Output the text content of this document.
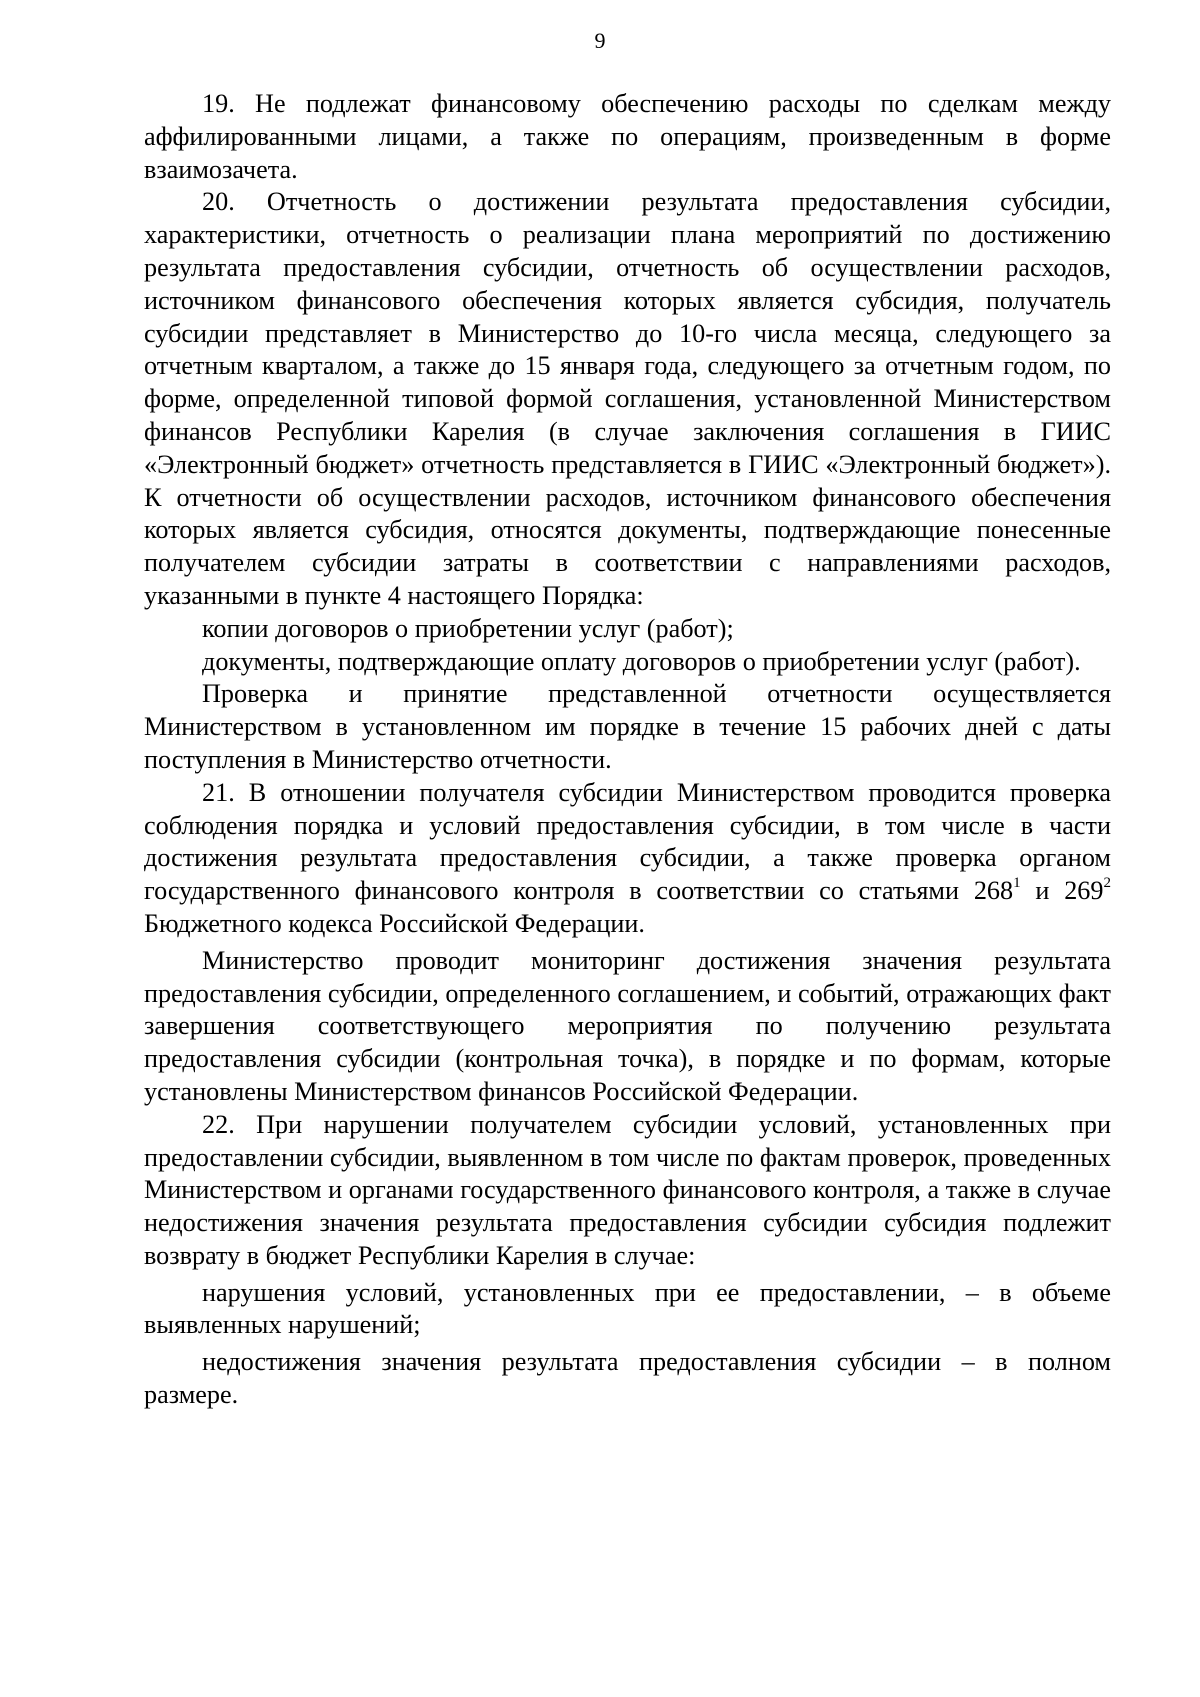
9

19. Не подлежат финансовому обеспечению расходы по сделкам между аффилированными лицами, а также по операциям, произведенным в форме взаимозачета.

20. Отчетность о достижении результата предоставления субсидии, характеристики, отчетность о реализации плана мероприятий по достижению результата предоставления субсидии, отчетность об осуществлении расходов, источником финансового обеспечения которых является субсидия, получатель субсидии представляет в Министерство до 10-го числа месяца, следующего за отчетным кварталом, а также до 15 января года, следующего за отчетным годом, по форме, определенной типовой формой соглашения, установленной Министерством финансов Республики Карелия (в случае заключения соглашения в ГИИС «Электронный бюджет» отчетность представляется в ГИИС «Электронный бюджет»). К отчетности об осуществлении расходов, источником финансового обеспечения которых является субсидия, относятся документы, подтверждающие понесенные получателем субсидии затраты в соответствии с направлениями расходов, указанными в пункте 4 настоящего Порядка:

копии договоров о приобретении услуг (работ);

документы, подтверждающие оплату договоров о приобретении услуг (работ).

Проверка и принятие представленной отчетности осуществляется Министерством в установленном им порядке в течение 15 рабочих дней с даты поступления в Министерство отчетности.

21. В отношении получателя субсидии Министерством проводится проверка соблюдения порядка и условий предоставления субсидии, в том числе в части достижения результата предоставления субсидии, а также проверка органом государственного финансового контроля в соответствии со статьями $268^1$ и $269^2$ Бюджетного кодекса Российской Федерации.

Министерство проводит мониторинг достижения значения результата предоставления субсидии, определенного соглашением, и событий, отражающих факт завершения соответствующего мероприятия по получению результата предоставления субсидии (контрольная точка), в порядке и по формам, которые установлены Министерством финансов Российской Федерации.

22. При нарушении получателем субсидии условий, установленных при предоставлении субсидии, выявленном в том числе по фактам проверок, проведенных Министерством и органами государственного финансового контроля, а также в случае недостижения значения результата предоставления субсидии субсидия подлежит возврату в бюджет Республики Карелия в случае:

нарушения условий, установленных при ее предоставлении, – в объеме выявленных нарушений;

недостижения значения результата предоставления субсидии – в полном размере.
